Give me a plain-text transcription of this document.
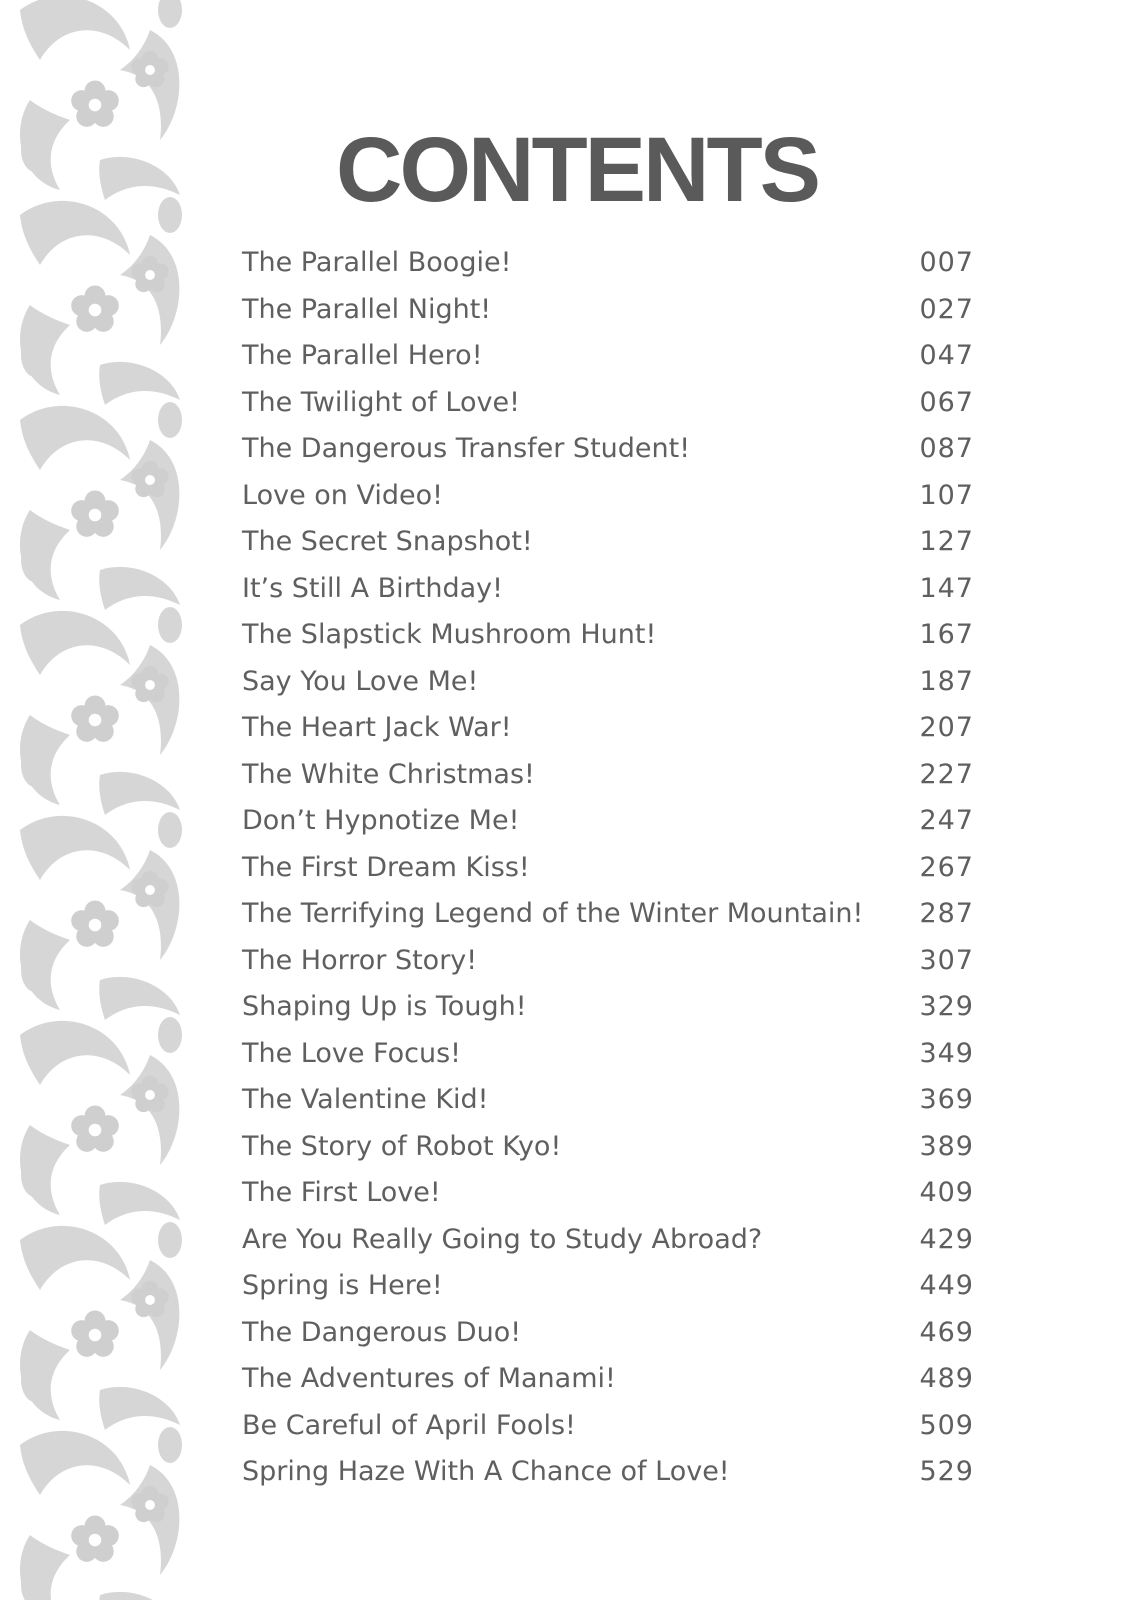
CONTENTS
The Parallel Boogie!	007
The Parallel Night!	027
The Parallel Hero!	047
The Twilight of Love!	067
The Dangerous Transfer Student!	087
Love on Video!	107
The Secret Snapshot!	127
It’s Still A Birthday!	147
The Slapstick Mushroom Hunt!	167
Say You Love Me!	187
The Heart Jack War!	207
The White Christmas!	227
Don’t Hypnotize Me!	247
The First Dream Kiss!	267
The Terrifying Legend of the Winter Mountain! 287
The Horror Story!	307
Shaping Up is Tough!	329
The Love Focus!	349
The Valentine Kid!	369
The Story of Robot Kyo!	389
The First Love!	409
Are You Really Going to Study Abroad?	429
Spring is Here!	449
The Dangerous Duo!	469
The Adventures of Manami!	489
Be Careful of April Fools!	509
Spring Haze With A Chance of Love!	529
